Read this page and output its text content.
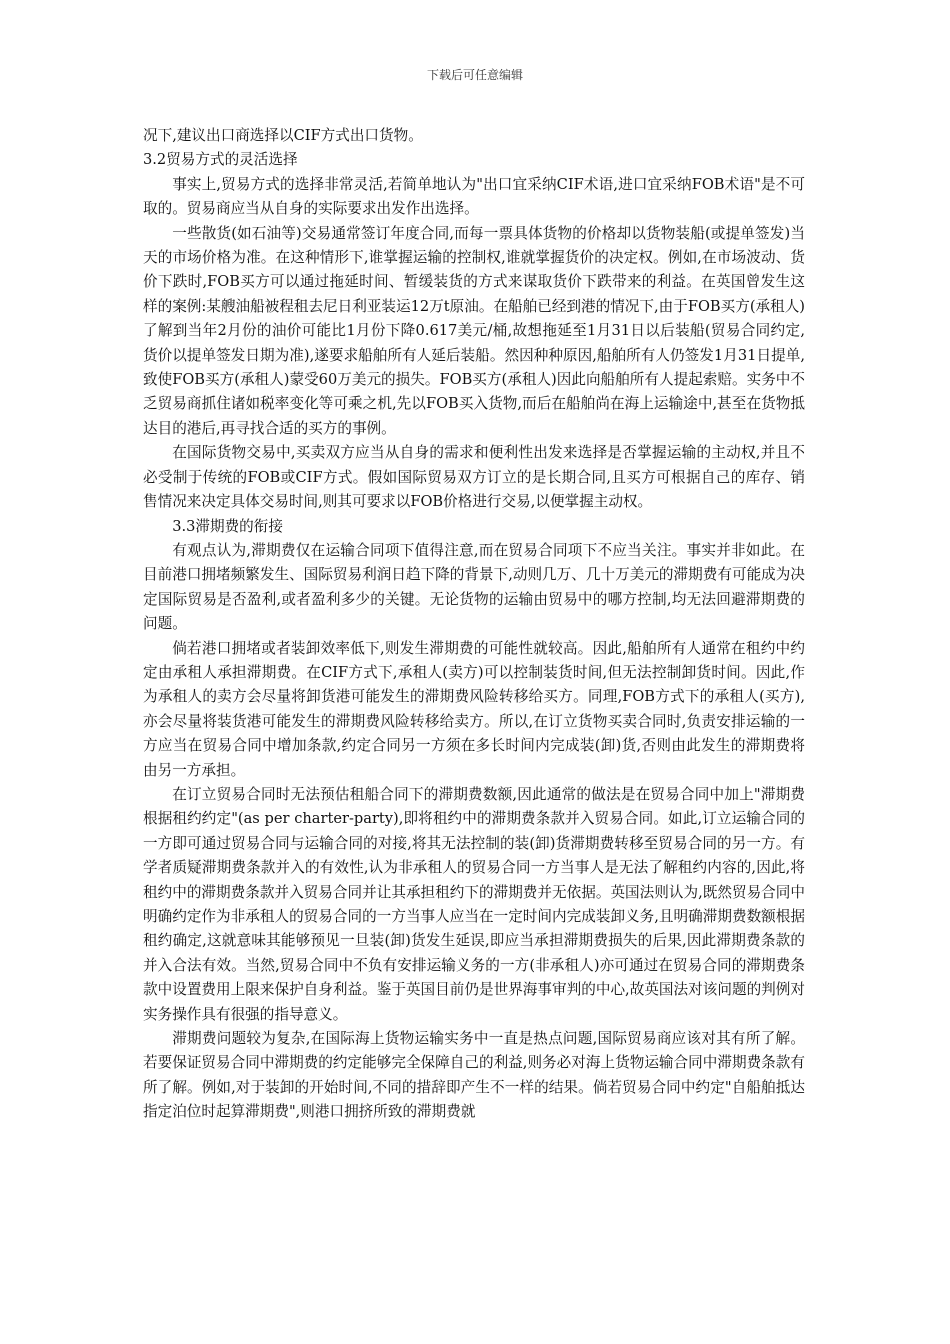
下载后可任意编辑

况下,建议出口商选择以CIF方式出口货物。

3.2贸易方式的灵活选择

事实上,贸易方式的选择非常灵活,若简单地认为"出口宜采纳CIF术语,进口宜采纳FOB术语"是不可取的。贸易商应当从自身的实际要求出发作出选择。

一些散货(如石油等)交易通常签订年度合同,而每一票具体货物的价格却以货物装船(或提单签发)当天的市场价格为准。在这种情形下,谁掌握运输的控制权,谁就掌握货价的决定权。例如,在市场波动、货价下跌时,FOB买方可以通过拖延时间、暂缓装货的方式来谋取货价下跌带来的利益。在英国曾发生这样的案例:某艘油船被程租去尼日利亚装运12万t原油。在船舶已经到港的情况下,由于FOB买方(承租人)了解到当年2月份的油价可能比1月份下降0.617美元/桶,故想拖延至1月31日以后装船(贸易合同约定,货价以提单签发日期为准),遂要求船舶所有人延后装船。然因种种原因,船舶所有人仍签发1月31日提单,致使FOB买方(承租人)蒙受60万美元的损失。FOB买方(承租人)因此向船舶所有人提起索赔。实务中不乏贸易商抓住诸如税率变化等可乘之机,先以FOB买入货物,而后在船舶尚在海上运输途中,甚至在货物抵达目的港后,再寻找合适的买方的事例。

在国际货物交易中,买卖双方应当从自身的需求和便利性出发来选择是否掌握运输的主动权,并且不必受制于传统的FOB或CIF方式。假如国际贸易双方订立的是长期合同,且买方可根据自己的库存、销售情况来决定具体交易时间,则其可要求以FOB价格进行交易,以便掌握主动权。

3.3滞期费的衔接

有观点认为,滞期费仅在运输合同项下值得注意,而在贸易合同项下不应当关注。事实并非如此。在目前港口拥堵频繁发生、国际贸易利润日趋下降的背景下,动则几万、几十万美元的滞期费有可能成为决定国际贸易是否盈利,或者盈利多少的关键。无论货物的运输由贸易中的哪方控制,均无法回避滞期费的问题。

倘若港口拥堵或者装卸效率低下,则发生滞期费的可能性就较高。因此,船舶所有人通常在租约中约定由承租人承担滞期费。在CIF方式下,承租人(卖方)可以控制装货时间,但无法控制卸货时间。因此,作为承租人的卖方会尽量将卸货港可能发生的滞期费风险转移给买方。同理,FOB方式下的承租人(买方),亦会尽量将装货港可能发生的滞期费风险转移给卖方。所以,在订立货物买卖合同时,负责安排运输的一方应当在贸易合同中增加条款,约定合同另一方须在多长时间内完成装(卸)货,否则由此发生的滞期费将由另一方承担。

在订立贸易合同时无法预估租船合同下的滞期费数额,因此通常的做法是在贸易合同中加上"滞期费根据租约约定"(as per charter-party),即将租约中的滞期费条款并入贸易合同。如此,订立运输合同的一方即可通过贸易合同与运输合同的对接,将其无法控制的装(卸)货滞期费转移至贸易合同的另一方。有学者质疑滞期费条款并入的有效性,认为非承租人的贸易合同一方当事人是无法了解租约内容的,因此,将租约中的滞期费条款并入贸易合同并让其承担租约下的滞期费并无依据。英国法则认为,既然贸易合同中明确约定作为非承租人的贸易合同的一方当事人应当在一定时间内完成装卸义务,且明确滞期费数额根据租约确定,这就意味其能够预见一旦装(卸)货发生延误,即应当承担滞期费损失的后果,因此滞期费条款的并入合法有效。当然,贸易合同中不负有安排运输义务的一方(非承租人)亦可通过在贸易合同的滞期费条款中设置费用上限来保护自身利益。鉴于英国目前仍是世界海事审判的中心,故英国法对该问题的判例对实务操作具有很强的指导意义。

滞期费问题较为复杂,在国际海上货物运输实务中一直是热点问题,国际贸易商应该对其有所了解。若要保证贸易合同中滞期费的约定能够完全保障自己的利益,则务必对海上货物运输合同中滞期费条款有所了解。例如,对于装卸的开始时间,不同的措辞即产生不一样的结果。倘若贸易合同中约定"自船舶抵达指定泊位时起算滞期费",则港口拥挤所致的滞期费就
